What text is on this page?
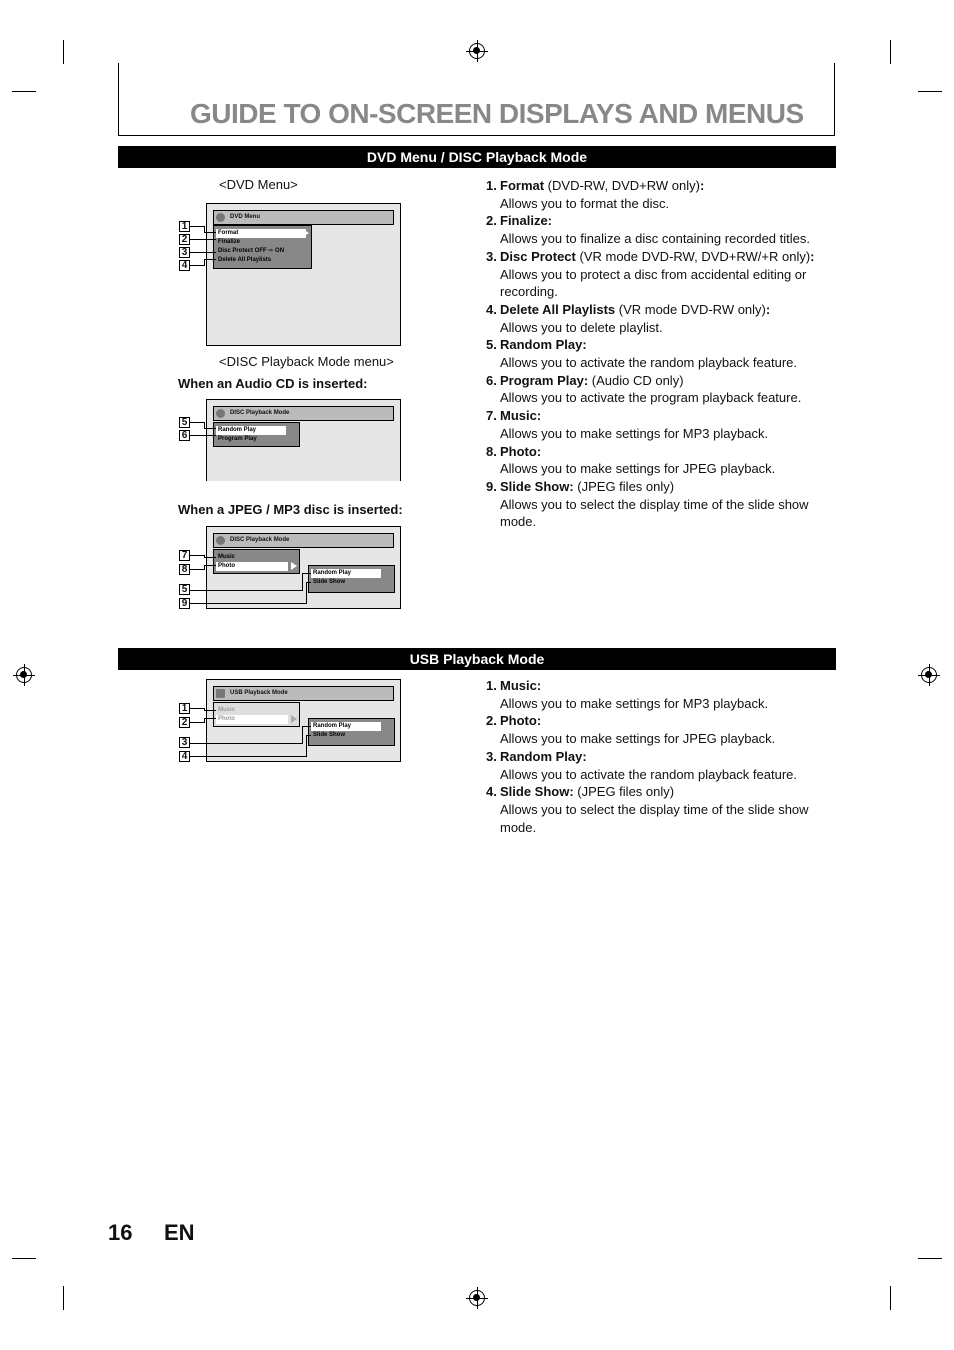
GUIDE TO ON-SCREEN DISPLAYS AND MENUS
DVD Menu / DISC Playback Mode
<DVD Menu>
DVD Menu
Format
Finalize
Disc Protect OFF ⇨ ON
Delete All Playlists
1
2
3
4
<DISC Playback Mode menu>
When an Audio CD is inserted:
DISC Playback Mode
Random Play
Program Play
5
6
When a JPEG / MP3 disc is inserted:
DISC Playback Mode
Music
Photo
Random Play
Slide Show
7
8
5
9
1. Format (DVD-RW, DVD+RW only):
Allows you to format the disc.
2. Finalize:
Allows you to finalize a disc containing recorded titles.
3. Disc Protect (VR mode DVD-RW, DVD+RW/+R only):
Allows you to protect a disc from accidental editing or recording.
4. Delete All Playlists (VR mode DVD-RW only):
Allows you to delete playlist.
5. Random Play:
Allows you to activate the random playback feature.
6. Program Play: (Audio CD only)
Allows you to activate the program playback feature.
7. Music:
Allows you to make settings for MP3 playback.
8. Photo:
Allows you to make settings for JPEG playback.
9. Slide Show: (JPEG files only)
Allows you to select the display time of the slide show mode.
USB Playback Mode
USB Playback Mode
Music
Photo
Random Play
Slide Show
1
2
3
4
1. Music:
Allows you to make settings for MP3 playback.
2. Photo:
Allows you to make settings for JPEG playback.
3. Random Play:
Allows you to activate the random playback feature.
4. Slide Show: (JPEG files only)
Allows you to select the display time of the slide show mode.
16 EN
